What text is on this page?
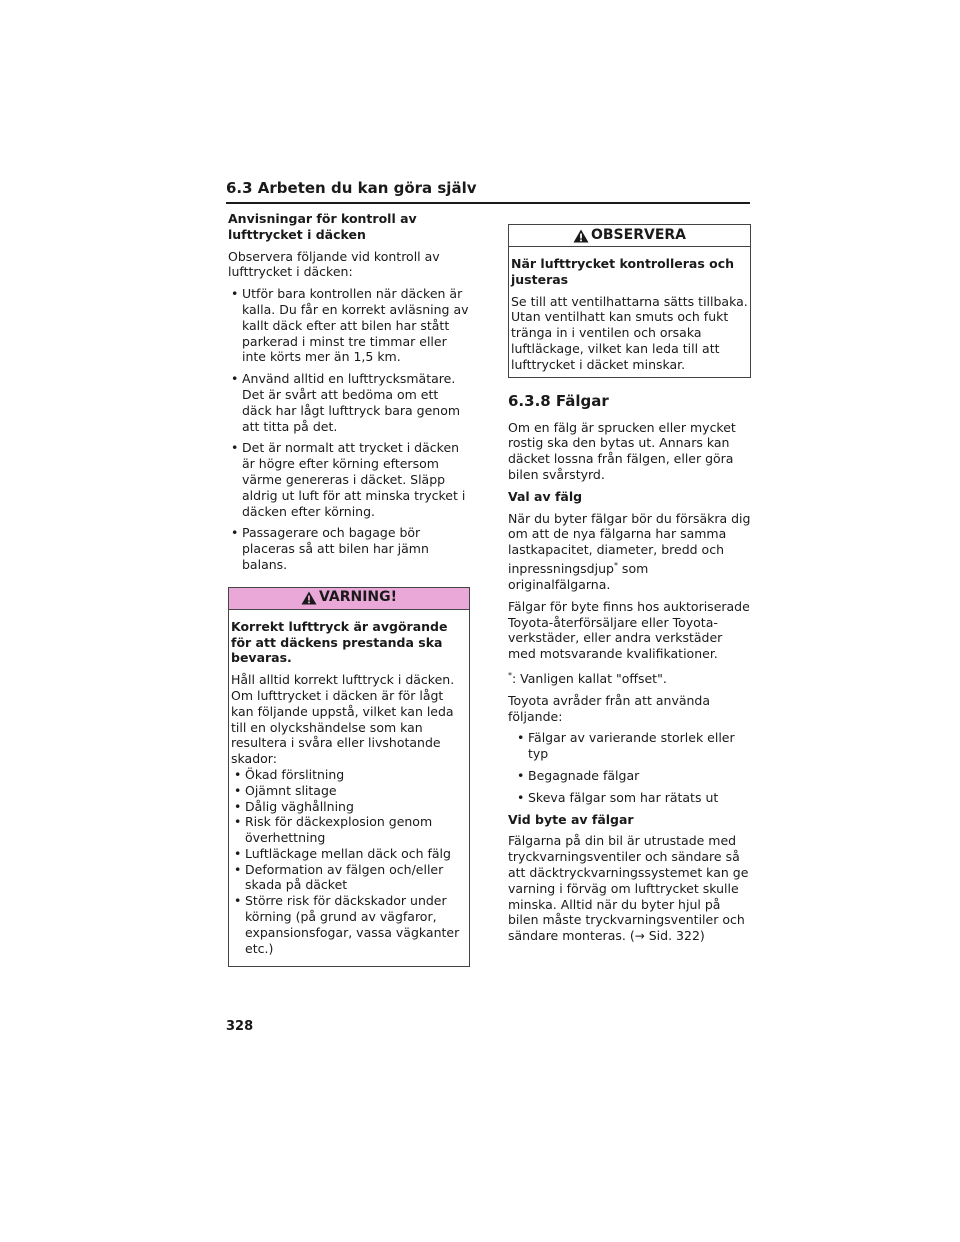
6.3 Arbeten du kan göra själv
Anvisningar för kontroll av lufttrycket i däcken

Observera följande vid kontroll av lufttrycket i däcken:

• Utför bara kontrollen när däcken är kalla. Du får en korrekt avläsning av kallt däck efter att bilen har stått parkerad i minst tre timmar eller inte körts mer än 1,5 km.
• Använd alltid en lufttrycksmätare. Det är svårt att bedöma om ett däck har lågt lufttryck bara genom att titta på det.
• Det är normalt att trycket i däcken är högre efter körning eftersom värme genereras i däcket. Släpp aldrig ut luft för att minska trycket i däcken efter körning.
• Passagerare och bagage bör placeras så att bilen har jämn balans.
VARNING!
Korrekt lufttryck är avgörande för att däckens prestanda ska bevaras.

Håll alltid korrekt lufttryck i däcken. Om lufttrycket i däcken är för lågt kan följande uppstå, vilket kan leda till en olyckshändelse som kan resultera i svåra eller livshotande skador:

• Ökad förslitning
• Ojämnt slitage
• Dålig väghållning
• Risk för däckexplosion genom överhettning
• Luftläckage mellan däck och fälg
• Deformation av fälgen och/eller skada på däcket
• Större risk för däckskador under körning (på grund av vägfaror, expansionsfogar, vassa vägkanter etc.)
OBSERVERA
När lufttrycket kontrolleras och justeras

Se till att ventilhattarna sätts tillbaka. Utan ventilhatt kan smuts och fukt tränga in i ventilen och orsaka luftläckage, vilket kan leda till att lufttrycket i däcket minskar.

6.3.8 Fälgar

Om en fälg är sprucken eller mycket rostig ska den bytas ut. Annars kan däcket lossna från fälgen, eller göra bilen svårstyrd.

Val av fälg

När du byter fälgar bör du försäkra dig om att de nya fälgarna har samma lastkapacitet, diameter, bredd och inpressningsdjup* som originalfälgarna.

Fälgar för byte finns hos auktoriserade Toyota-återförsäljare eller Toyota-verkstäder, eller andra verkstäder med motsvarande kvalifikationer.

*: Vanligen kallat "offset".

Toyota avråder från att använda följande:

• Fälgar av varierande storlek eller typ
• Begagnade fälgar
• Skeva fälgar som har rätats ut
Vid byte av fälgar

Fälgarna på din bil är utrustade med tryckvarningsventiler och sändare så att däcktryckvarningssystemet kan ge varning i förväg om lufttrycket skulle minska. Alltid när du byter hjul på bilen måste tryckvarningsventiler och sändare monteras. (→ Sid. 322)

328
